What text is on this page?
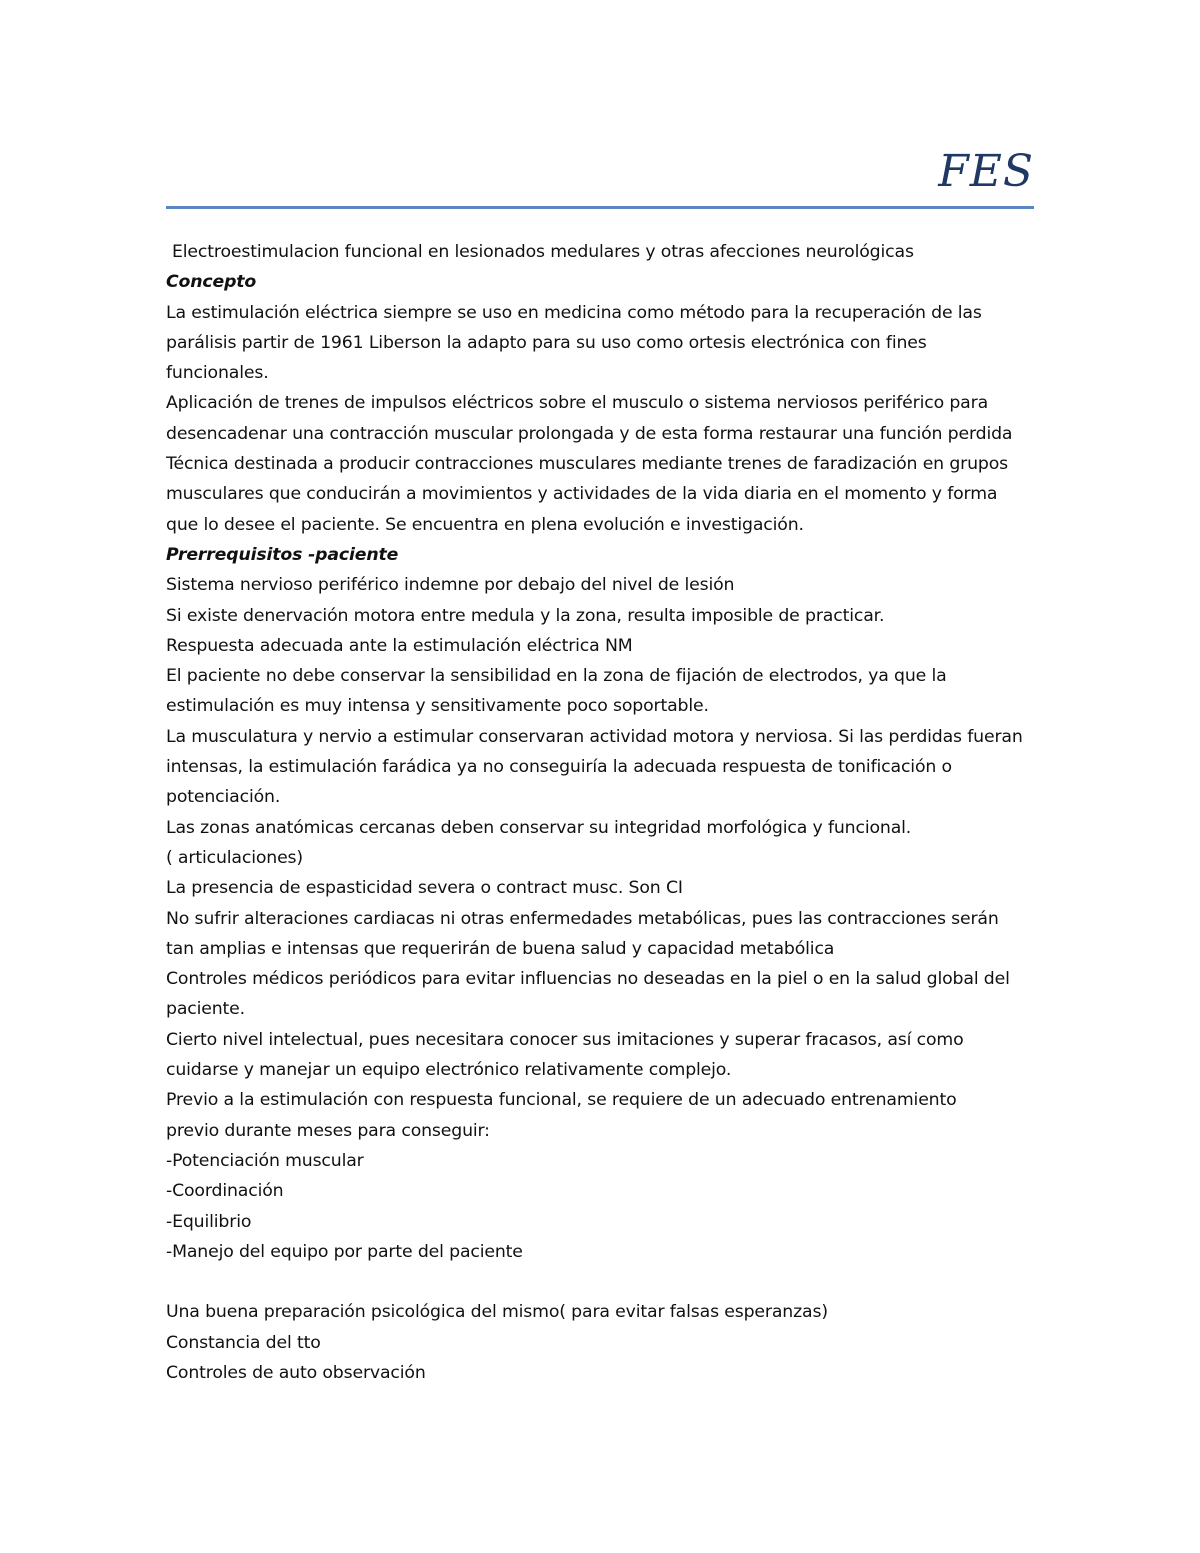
FES
Electroestimulacion funcional en lesionados medulares y otras afecciones neurológicas
Concepto
La estimulación eléctrica siempre se uso en medicina como método para la recuperación de las
parálisis partir de 1961 Liberson la adapto para su uso como ortesis electrónica con fines
funcionales.
Aplicación de trenes de impulsos eléctricos sobre el musculo o sistema nerviosos periférico para
desencadenar una contracción muscular prolongada y de esta forma restaurar una función perdida
Técnica destinada a producir contracciones musculares mediante trenes de faradización en grupos
musculares que conducirán a movimientos y actividades de la vida diaria en el momento y forma
que lo desee el paciente. Se encuentra en plena evolución e investigación.
Prerrequisitos -paciente
Sistema nervioso periférico indemne por debajo del nivel de lesión
Si existe denervación motora entre medula y la zona, resulta imposible de practicar.
Respuesta adecuada ante la estimulación eléctrica NM
El paciente no debe conservar la sensibilidad en la zona de fijación de electrodos, ya que la
estimulación es muy intensa y sensitivamente poco soportable.
La musculatura y nervio a estimular conservaran actividad motora y nerviosa. Si las perdidas fueran
intensas, la estimulación farádica ya no conseguiría la adecuada respuesta de tonificación o
potenciación.
Las zonas anatómicas cercanas deben conservar su integridad morfológica y funcional.
( articulaciones)
La presencia de espasticidad severa o contract musc. Son CI
No sufrir alteraciones cardiacas ni otras enfermedades metabólicas, pues las contracciones serán
tan amplias e intensas que requerirán de buena salud y capacidad metabólica
Controles médicos periódicos para evitar influencias no deseadas en la piel o en la salud global del
paciente.
Cierto nivel intelectual, pues necesitara conocer sus imitaciones y superar fracasos, así como
cuidarse y manejar un equipo electrónico relativamente complejo.
Previo a la estimulación con respuesta funcional, se requiere de un adecuado entrenamiento
previo durante meses para conseguir:
-Potenciación muscular
-Coordinación
-Equilibrio
-Manejo del equipo por parte del paciente
Una buena preparación psicológica del mismo( para evitar falsas esperanzas)
Constancia del tto
Controles de auto observación
